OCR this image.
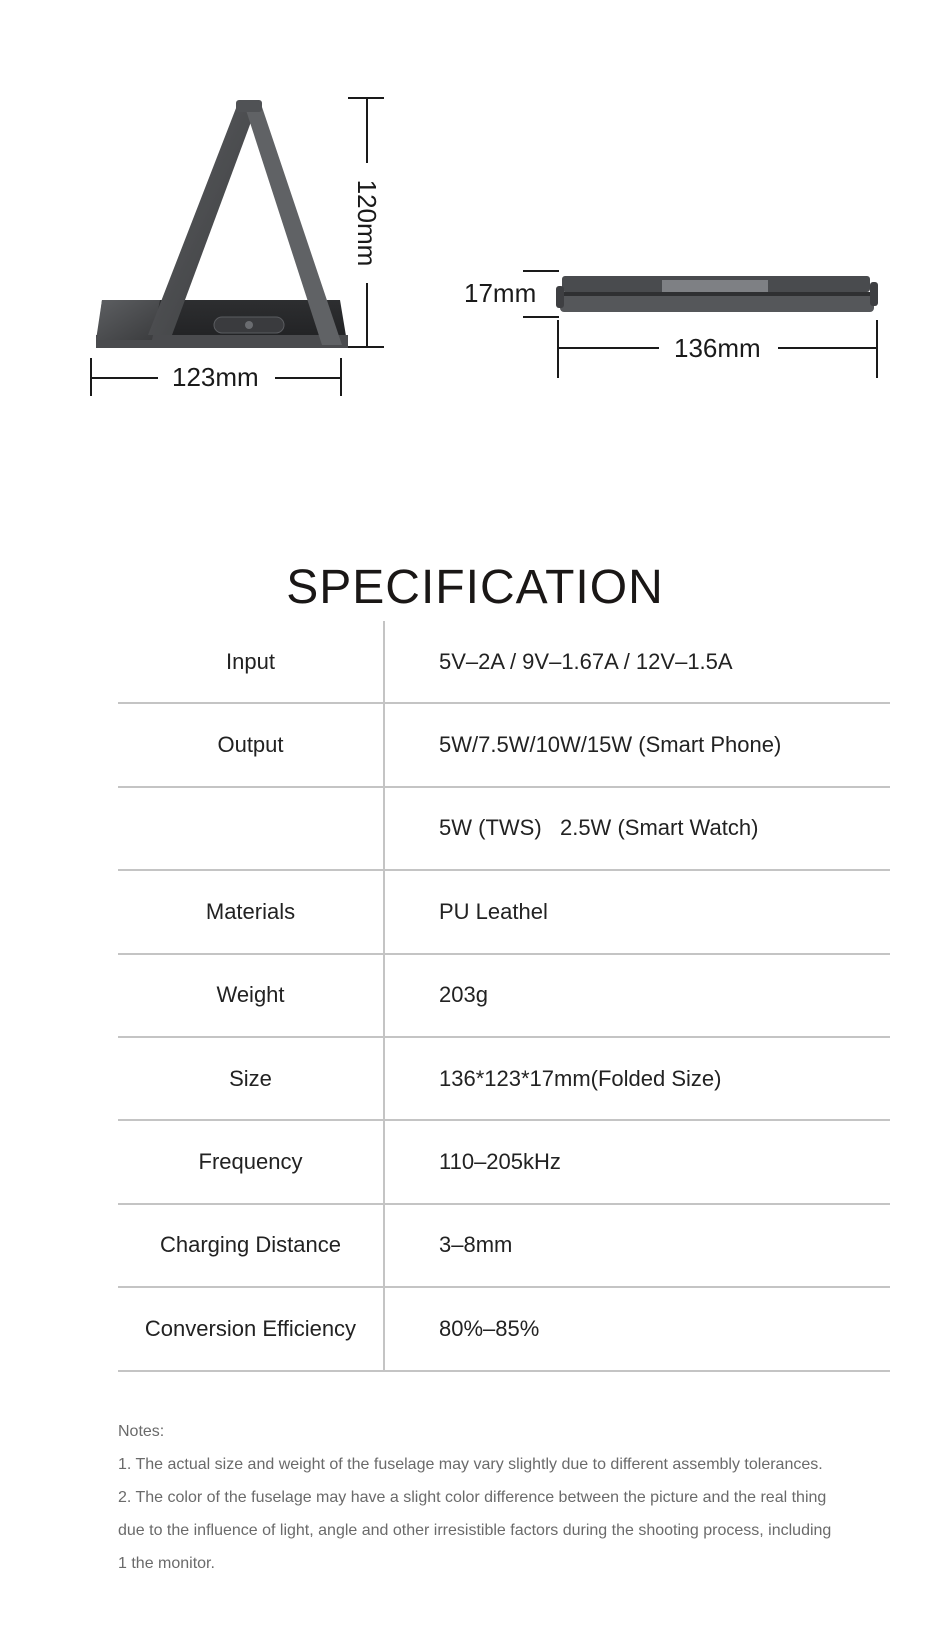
123mm
120mm
17mm
136mm
SPECIFICATION
Input	5V–2A / 9V–1.67A / 12V–1.5A
Output	5W/7.5W/10W/15W (Smart Phone)
5W (TWS)   2.5W (Smart Watch)
Materials	PU Leathel
Weight	203g
Size	136*123*17mm(Folded Size)
Frequency	110–205kHz
Charging Distance	3–8mm
Conversion Efficiency	80%–85%

Notes:

1. The actual size and weight of the fuselage may vary slightly due to different assembly tolerances.

2. The color of the fuselage may have a slight color difference between the picture and the real thing

due to the influence of light, angle and other irresistible factors during the shooting process, including

1 the monitor.
